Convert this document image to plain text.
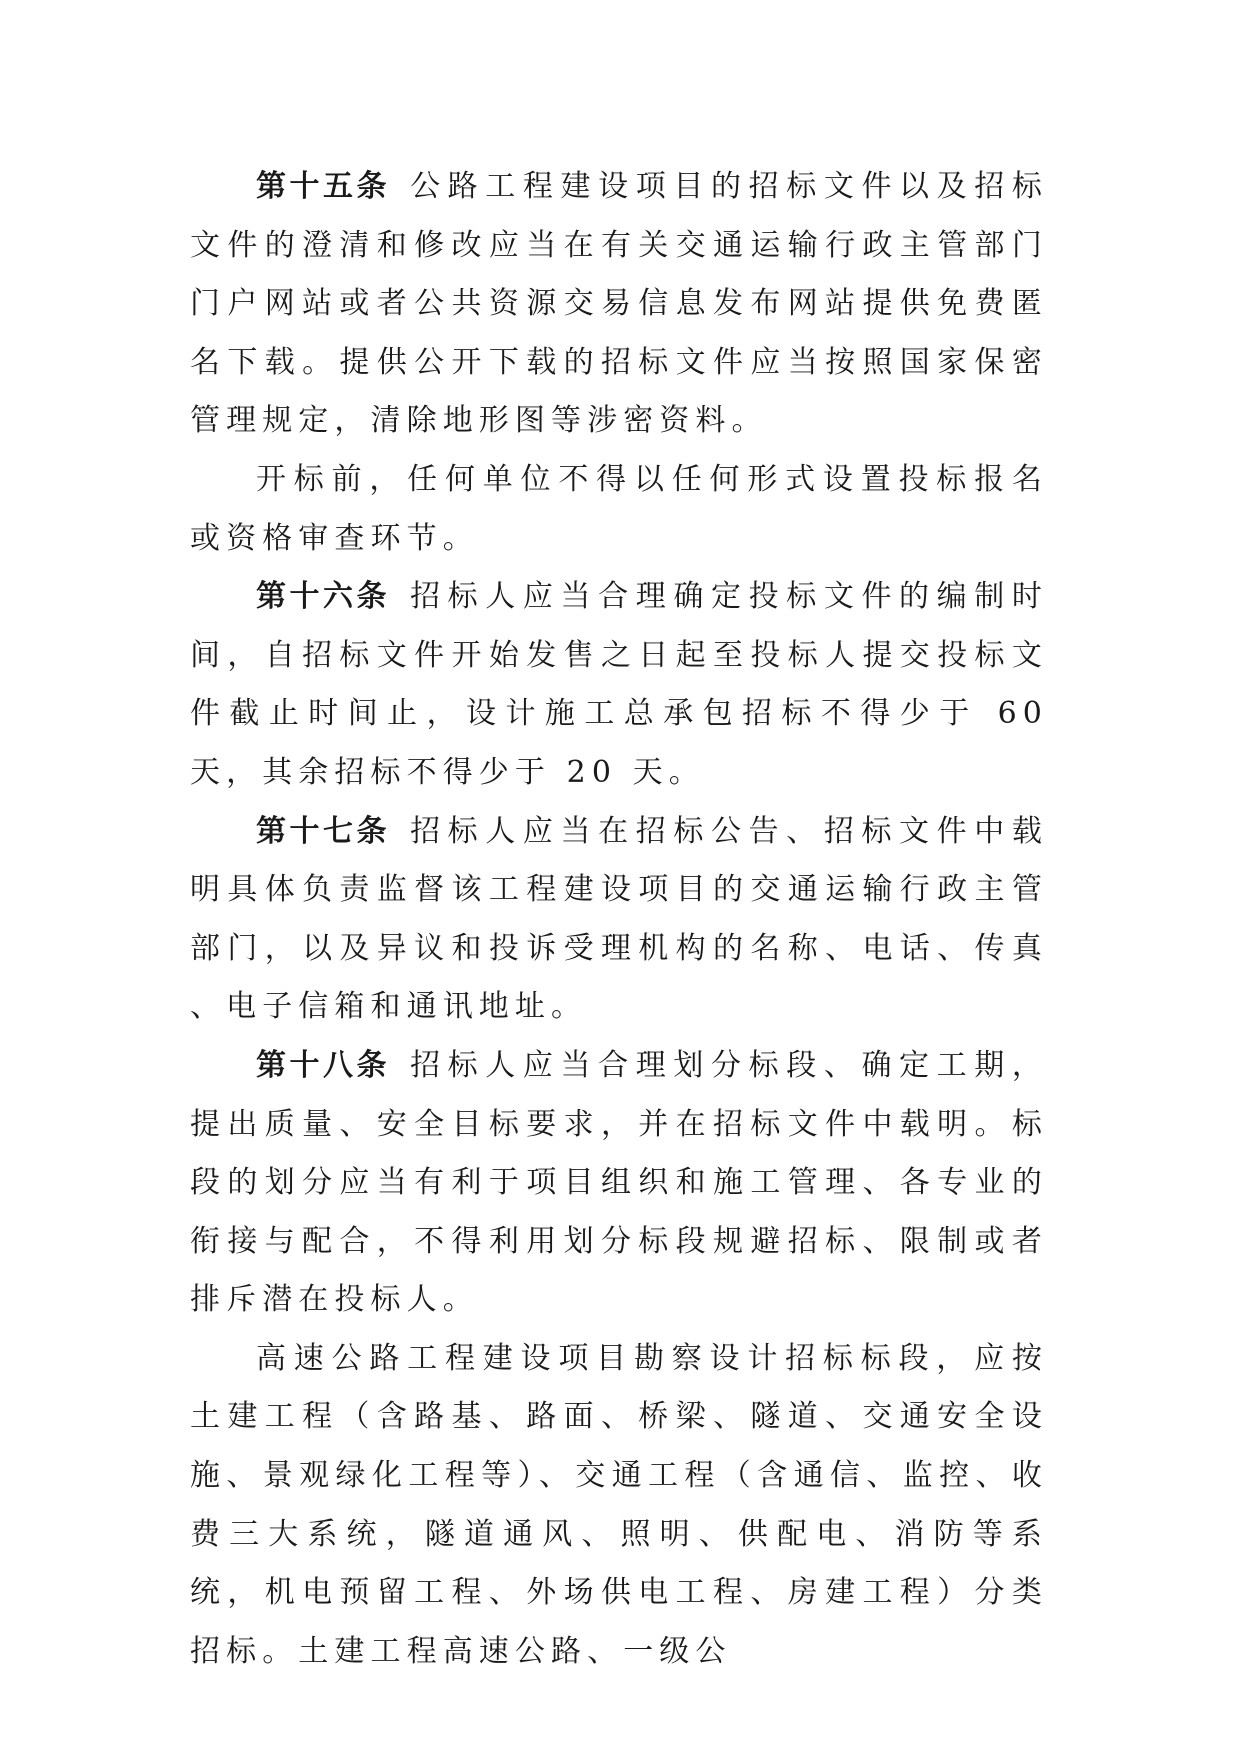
第十五条 公路工程建设项目的招标文件以及招标文件的澄清和修改应当在有关交通运输行政主管部门门户网站或者公共资源交易信息发布网站提供免费匿名下载。提供公开下载的招标文件应当按照国家保密管理规定，清除地形图等涉密资料。

开标前，任何单位不得以任何形式设置投标报名或资格审查环节。

第十六条 招标人应当合理确定投标文件的编制时间，自招标文件开始发售之日起至投标人提交投标文件截止时间止，设计施工总承包招标不得少于 60 天，其余招标不得少于 20 天。

第十七条 招标人应当在招标公告、招标文件中载明具体负责监督该工程建设项目的交通运输行政主管部门，以及异议和投诉受理机构的名称、电话、传真 、电子信箱和通讯地址。

第十八条 招标人应当合理划分标段、确定工期，提出质量、安全目标要求，并在招标文件中载明。标段的划分应当有利于项目组织和施工管理、各专业的衔接与配合，不得利用划分标段规避招标、限制或者排斥潜在投标人。

高速公路工程建设项目勘察设计招标标段，应按土建工程（含路基、路面、桥梁、隧道、交通安全设施、景观绿化工程等）、交通工程（含通信、监控、收费三大系统，隧道通风、照明、供配电、消防等系统，机电预留工程、外场供电工程、房建工程）分类招标。土建工程高速公路、一级公
